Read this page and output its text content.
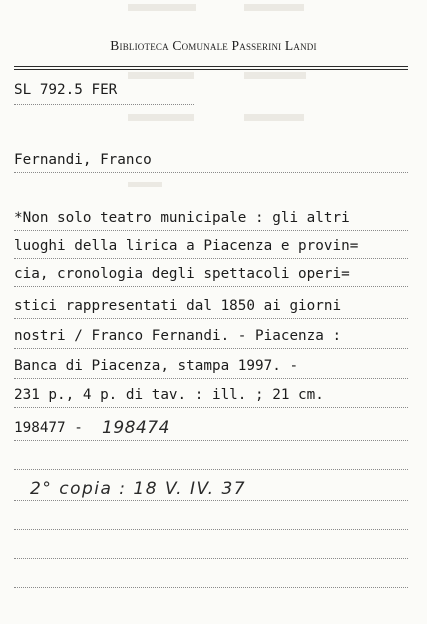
Biblioteca Comunale Passerini Landi
SL 792.5 FER
Fernandi, Franco
*Non solo teatro municipale : gli altri
luoghi della lirica a Piacenza e provin=
cia, cronologia degli spettacoli operi=
stici rappresentati dal 1850 ai giorni
nostri / Franco Fernandi. - Piacenza :
Banca di Piacenza, stampa 1997. -
231 p., 4 p. di tav. : ill. ; 21 cm.
198477 - 198474
2° copia : 18 V. IV. 37
